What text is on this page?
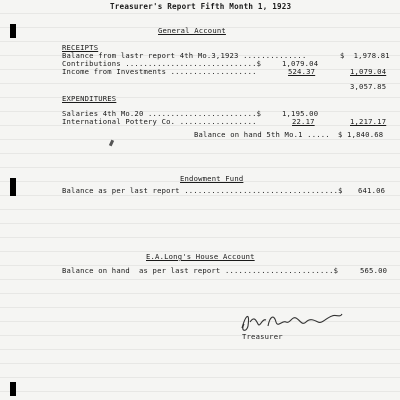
Treasurer's Report Fifth Month 1, 1923
General Account
RECEIPTS
Balance from lastr report 4th Mo.3,1923 ..............	$  1,978.81
Contributions .............................$	1,079.04
Income from Investments ...................	524.37	1,079.04
3,057.85
EXPENDITURES
Salaries 4th Mo.20 ........................$	1,195.00
International Pottery Co. .................	22.17	1,217.17
Balance on hand 5th Mo.1 ..... $ 1,840.68
Endowment Fund
Balance as per last report ..................................$ 641.06
E.A.Long's House Account
Balance on hand  as per last report ........................$	565.00
Treasurer
